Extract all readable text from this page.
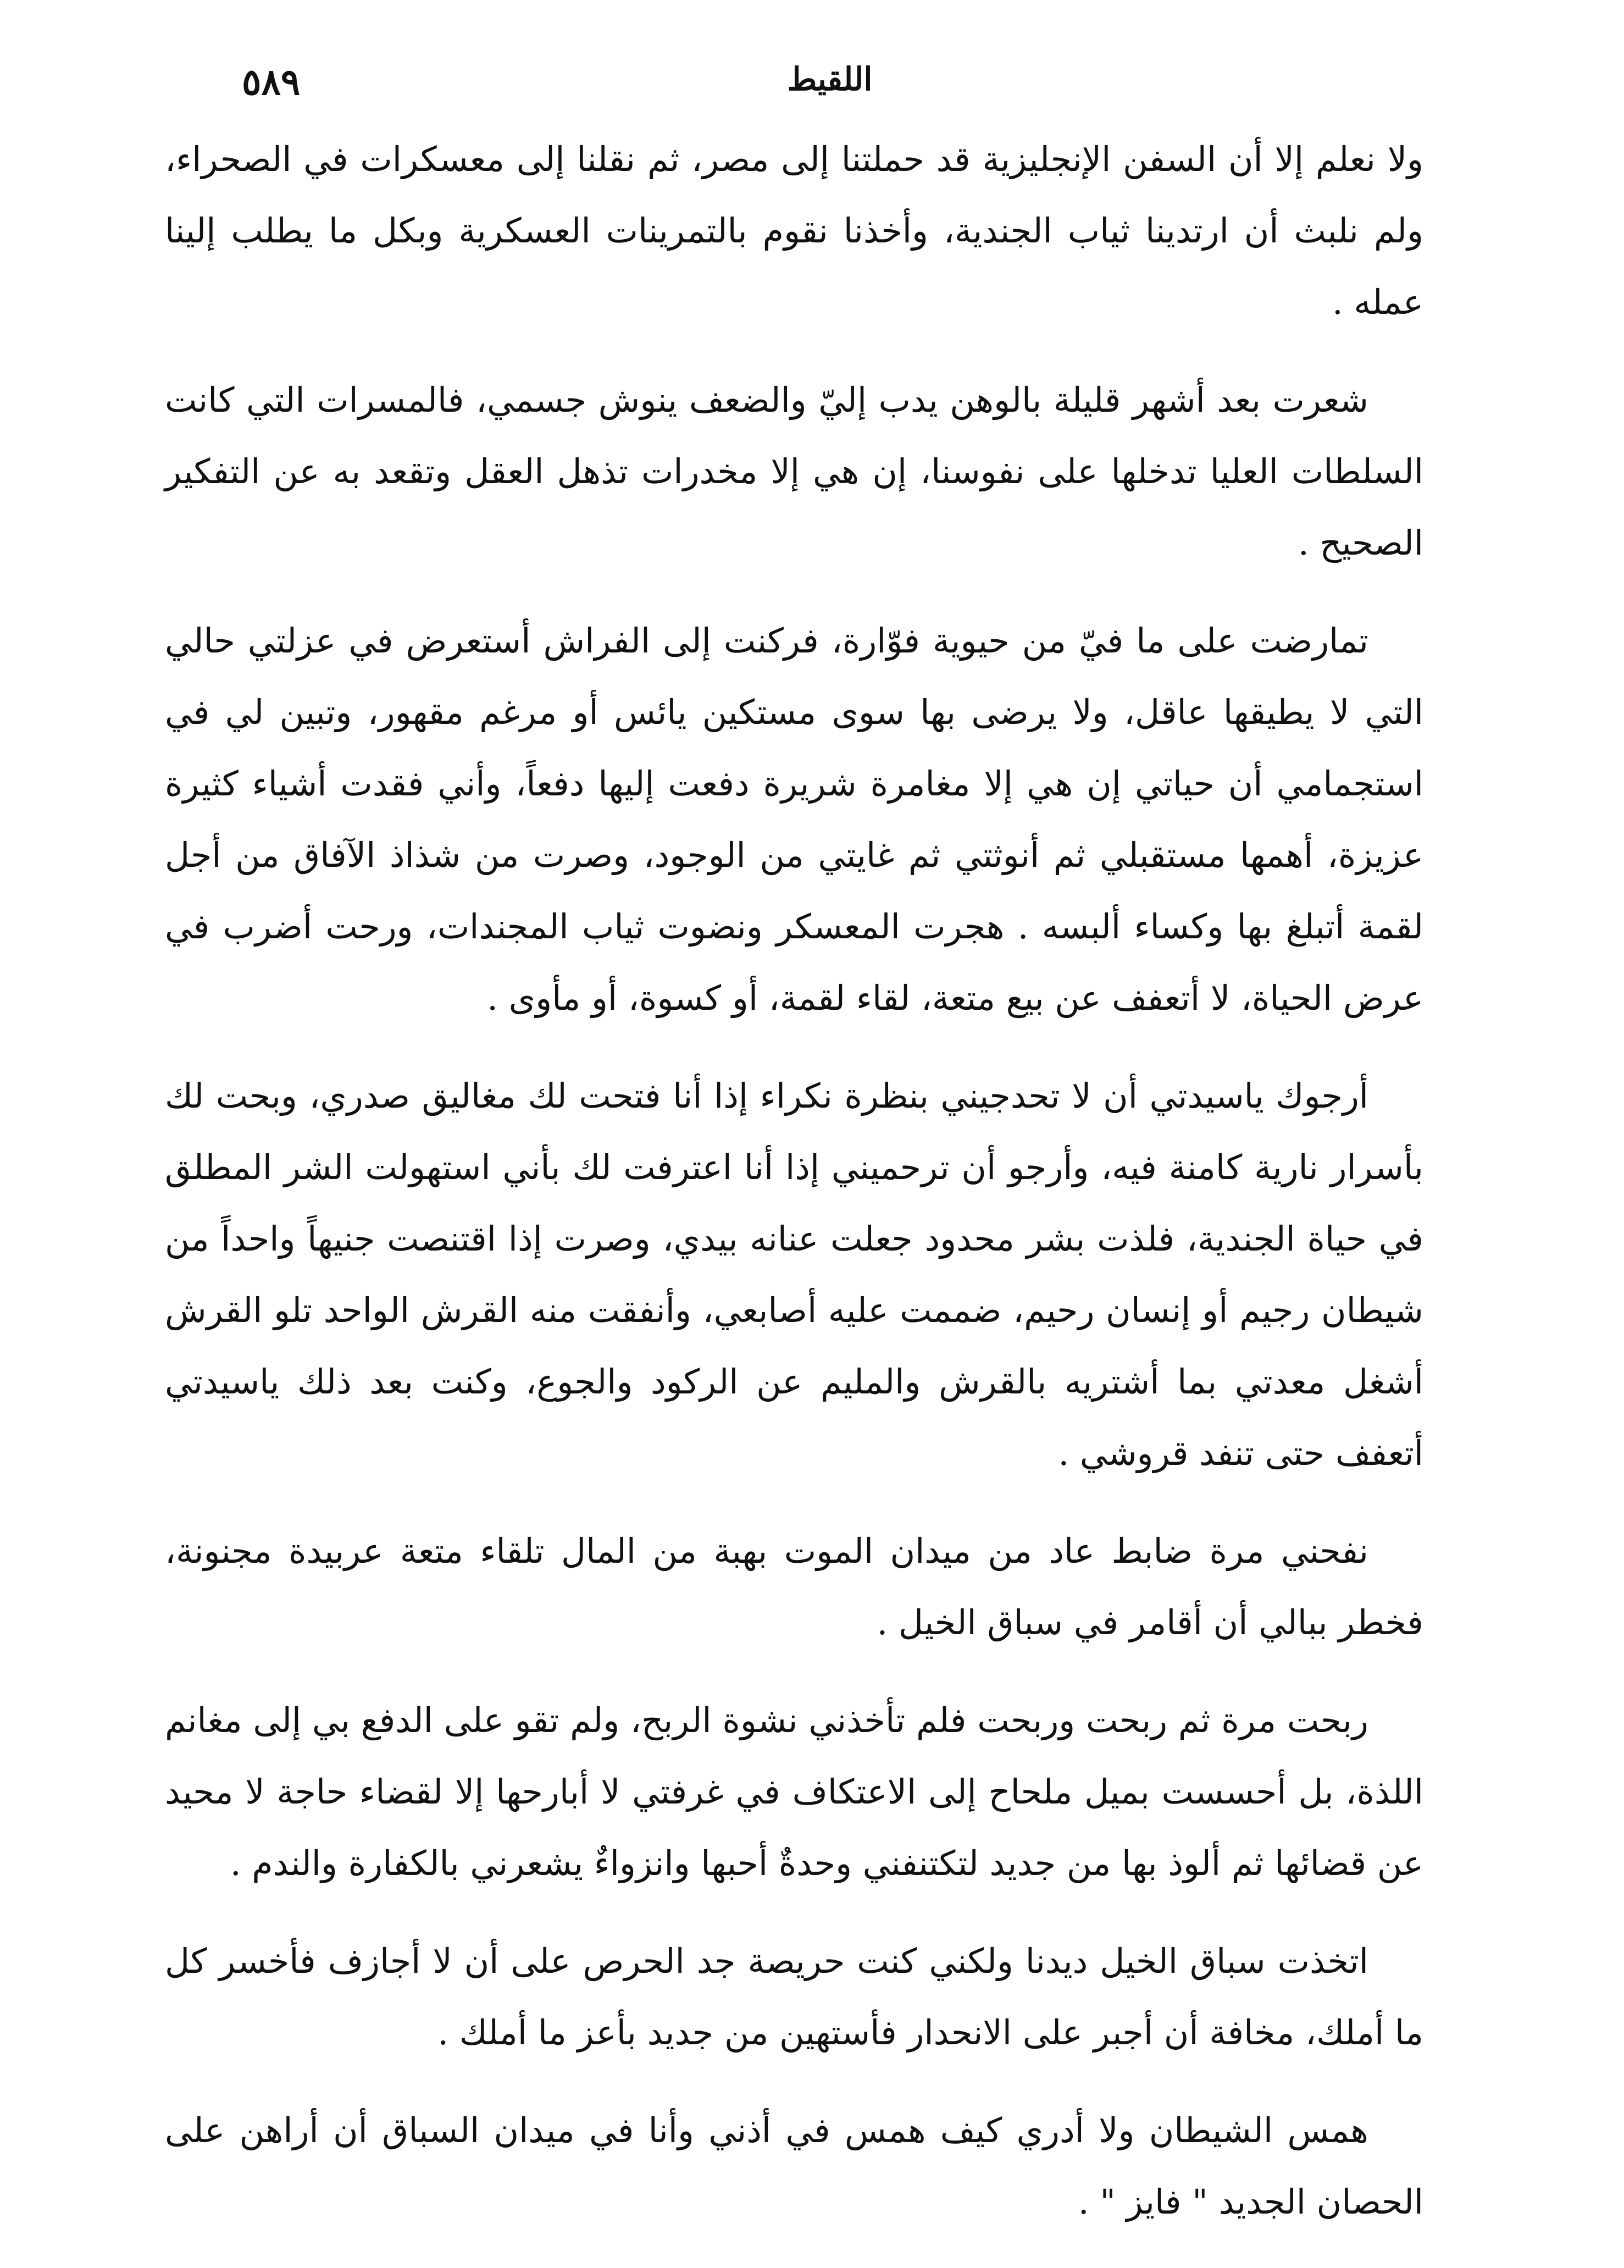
٥٨٩	اللقيط

ولا نعلم إلا أن السفن الإنجليزية قد حملتنا إلى مصر، ثم نقلنا إلى معسكرات في الصحراء، ولم نلبث أن ارتدينا ثياب الجندية، وأخذنا نقوم بالتمرينات العسكرية وبكل ما يطلب إلينا عمله .

شعرت بعد أشهر قليلة بالوهن يدب إليّ والضعف ينوش جسمي، فالمسرات التي كانت السلطات العليا تدخلها على نفوسنا، إن هي إلا مخدرات تذهل العقل وتقعد به عن التفكير الصحيح .

تمارضت على ما فيّ من حيوية فوّارة، فركنت إلى الفراش أستعرض في عزلتي حالي التي لا يطيقها عاقل، ولا يرضى بها سوى مستكين يائس أو مرغم مقهور، وتبين لي في استجمامي أن حياتي إن هي إلا مغامرة شريرة دفعت إليها دفعاً، وأني فقدت أشياء كثيرة عزيزة، أهمها مستقبلي ثم أنوثتي ثم غايتي من الوجود، وصرت من شذاذ الآفاق من أجل لقمة أتبلغ بها وكساء ألبسه . هجرت المعسكر ونضوت ثياب المجندات، ورحت أضرب في عرض الحياة، لا أتعفف عن بيع متعة، لقاء لقمة، أو كسوة، أو مأوى .

أرجوك ياسيدتي أن لا تحدجيني بنظرة نكراء إذا أنا فتحت لك مغاليق صدري، وبحت لك بأسرار نارية كامنة فيه، وأرجو أن ترحميني إذا أنا اعترفت لك بأني استهولت الشر المطلق في حياة الجندية، فلذت بشر محدود جعلت عنانه بيدي، وصرت إذا اقتنصت جنيهاً واحداً من شيطان رجيم أو إنسان رحيم، ضممت عليه أصابعي، وأنفقت منه القرش الواحد تلو القرش أشغل معدتي بما أشتريه بالقرش والمليم عن الركود والجوع، وكنت بعد ذلك ياسيدتي أتعفف حتى تنفد قروشي .

نفحني مرة ضابط عاد من ميدان الموت بهبة من المال تلقاء متعة عربيدة مجنونة، فخطر ببالي أن أقامر في سباق الخيل .

ربحت مرة ثم ربحت وربحت فلم تأخذني نشوة الربح، ولم تقو على الدفع بي إلى مغانم اللذة، بل أحسست بميل ملحاح إلى الاعتكاف في غرفتي لا أبارحها إلا لقضاء حاجة لا محيد عن قضائها ثم ألوذ بها من جديد لتكتنفني وحدةٌ أحبها وانزواءٌ يشعرني بالكفارة والندم .

اتخذت سباق الخيل ديدنا ولكني كنت حريصة جد الحرص على أن لا أجازف فأخسر كل ما أملك، مخافة أن أجبر على الانحدار فأستهين من جديد بأعز ما أملك .

همس الشيطان ولا أدري كيف همس في أذني وأنا في ميدان السباق أن أراهن على الحصان الجديد " فايز " .
